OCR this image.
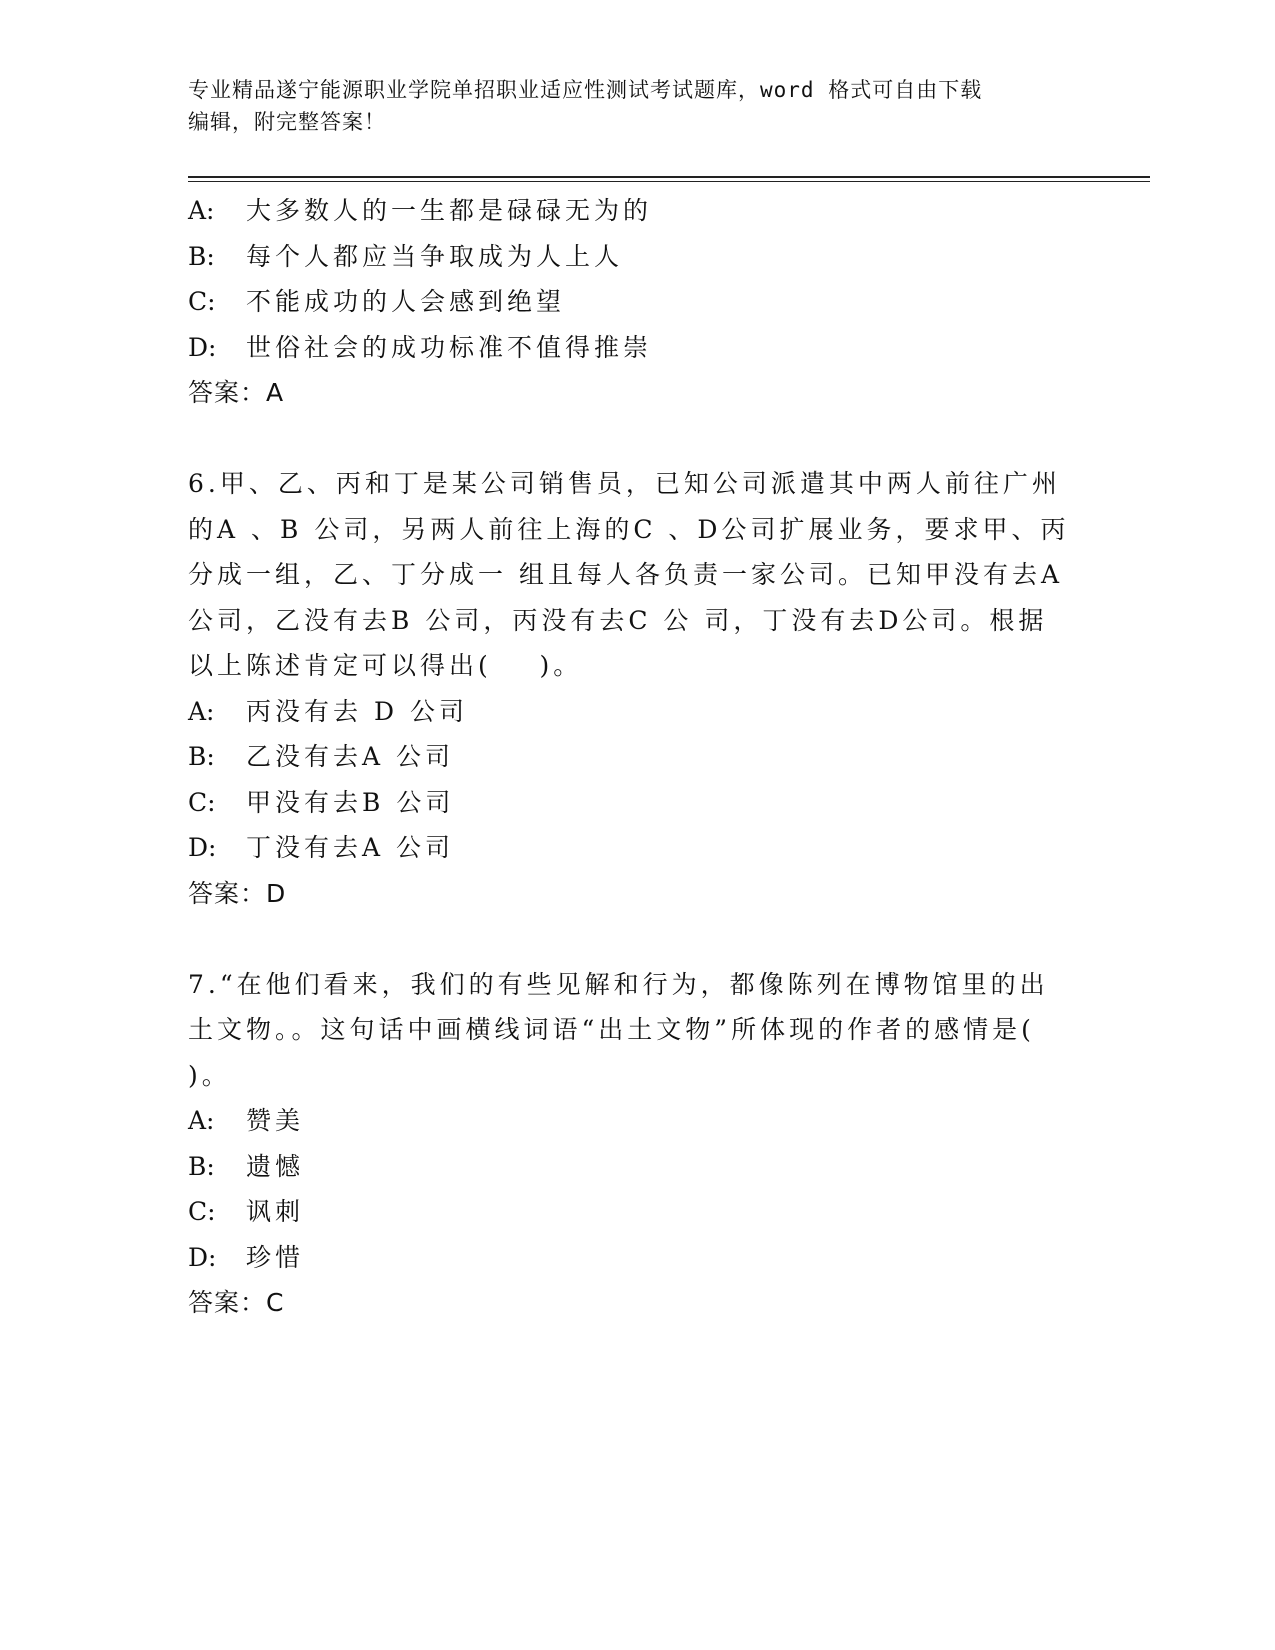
专业精品遂宁能源职业学院单招职业适应性测试考试题库，word 格式可自由下载
编辑，附完整答案！
A: 大多数人的一生都是碌碌无为的
B: 每个人都应当争取成为人上人
C: 不能成功的人会感到绝望
D: 世俗社会的成功标准不值得推崇
答案：A
6.甲、乙、丙和丁是某公司销售员，已知公司派遣其中两人前往广州
的A 、B 公司，另两人前往上海的C 、D公司扩展业务，要求甲、丙
分成一组，乙、丁分成一 组且每人各负责一家公司。已知甲没有去A
公司，乙没有去B 公司，丙没有去C 公 司，丁没有去D公司。根据
以上陈述肯定可以得出(    )。
A: 丙没有去 D 公司
B: 乙没有去A 公司
C: 甲没有去B 公司
D: 丁没有去A 公司
答案：D
7.“在他们看来，我们的有些见解和行为，都像陈列在博物馆里的出
土文物。。这句话中画横线词语“出土文物”所体现的作者的感情是(
)。
A: 赞美
B: 遗憾
C: 讽刺
D: 珍惜
答案：C
